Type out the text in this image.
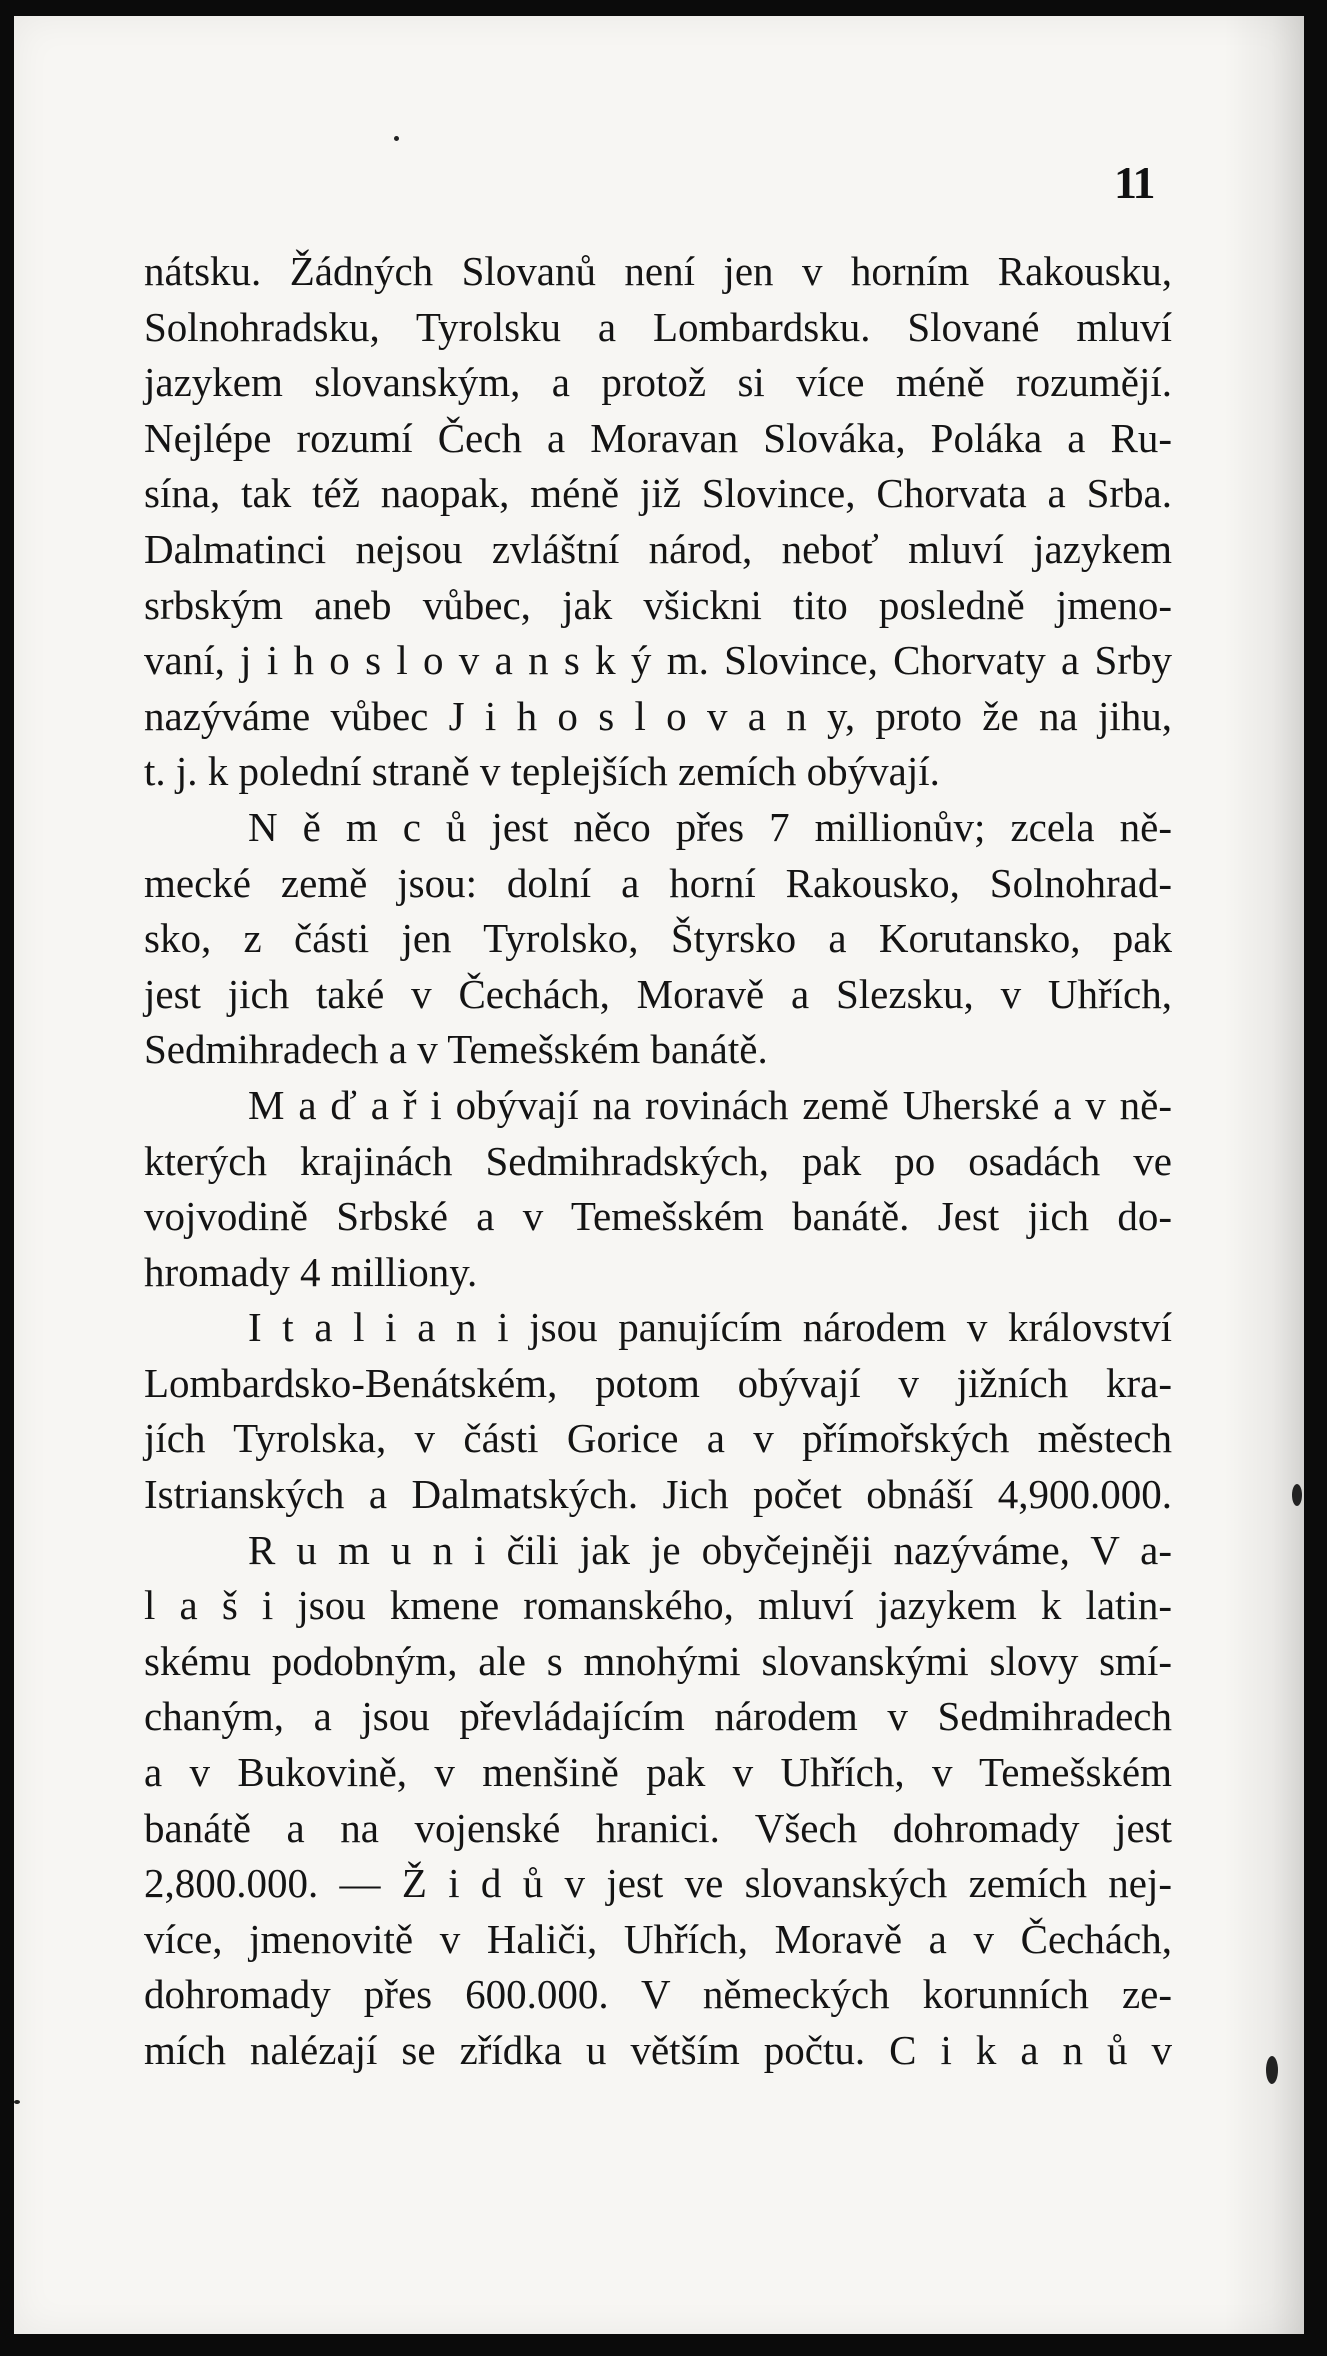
11
nátsku. Žádných Slovanů není jen v horním Rakousku,
Solnohradsku, Tyrolsku a Lombardsku. Slované mluví
jazykem slovanským, a protož si více méně rozumějí.
Nejlépe rozumí Čech a Moravan Slováka, Poláka a Ru-
sína, tak též naopak, méně již Slovince, Chorvata a Srba.
Dalmatinci nejsou zvláštní národ, neboť mluví jazykem
srbským aneb vůbec, jak všickni tito posledně jmeno-
vaní, j i h o s l o v a n s k ý m. Slovince, Chorvaty a Srby
nazýváme vůbec J i h o s l o v a n y, proto že na jihu,
t. j. k polední straně v teplejších zemích obývají.
N ě m c ů jest něco přes 7 millionův; zcela ně-
mecké země jsou: dolní a horní Rakousko, Solnohrad-
sko, z části jen Tyrolsko, Štyrsko a Korutansko, pak
jest jich také v Čechách, Moravě a Slezsku, v Uhřích,
Sedmihradech a v Temešském banátě.
M a ď a ř i obývají na rovinách země Uherské a v ně-
kterých krajinách Sedmihradských, pak po osadách ve
vojvodině Srbské a v Temešském banátě. Jest jich do-
hromady 4 milliony.
I t a l i a n i jsou panujícím národem v království
Lombardsko-Benátském, potom obývají v jižních kra-
jích Tyrolska, v části Gorice a v přímořských městech
Istrianských a Dalmatských. Jich počet obnáší 4,900.000.
R u m u n i čili jak je obyčejněji nazýváme, V a-
l a š i jsou kmene romanského, mluví jazykem k latin-
skému podobným, ale s mnohými slovanskými slovy smí-
chaným, a jsou převládajícím národem v Sedmihradech
a v Bukovině, v menšině pak v Uhřích, v Temešském
banátě a na vojenské hranici. Všech dohromady jest
2,800.000. — Ž i d ů v jest ve slovanských zemích nej-
více, jmenovitě v Haliči, Uhřích, Moravě a v Čechách,
dohromady přes 600.000. V německých korunních ze-
mích nalézají se zřídka u větším počtu. C i k a n ů v
